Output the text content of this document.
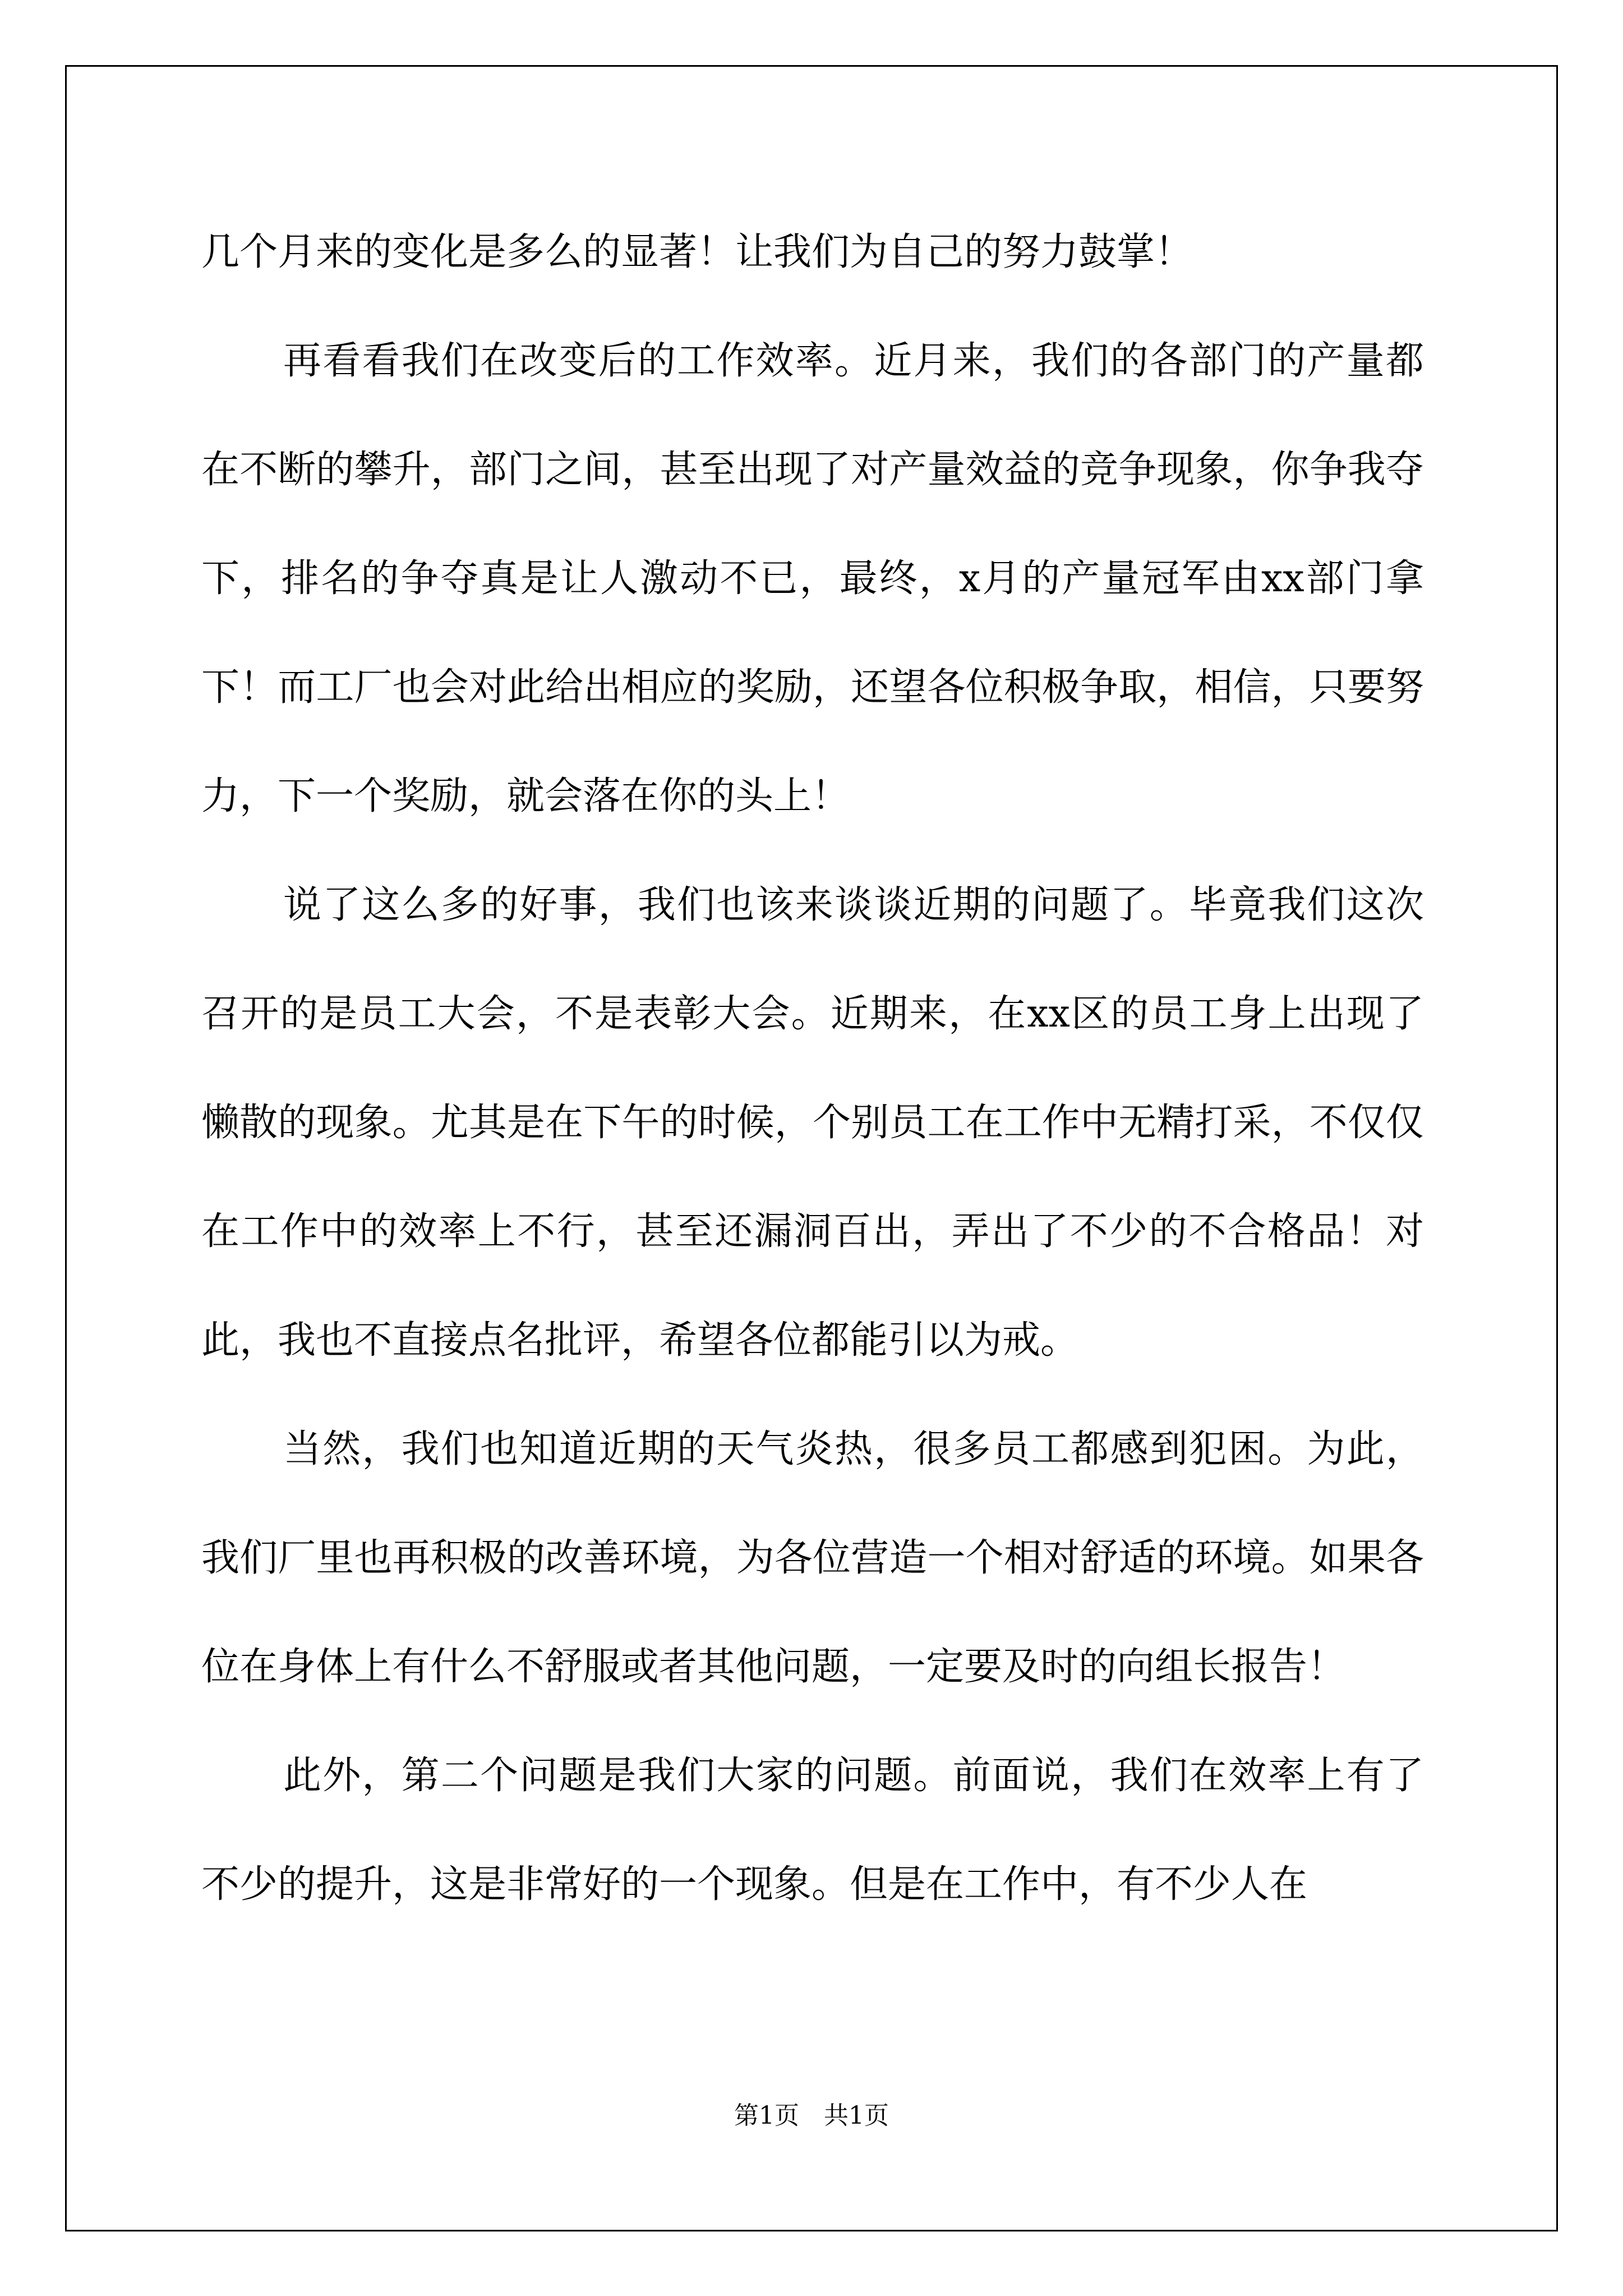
几个月来的变化是多么的显著！让我们为自己的努力鼓掌！

再看看我们在改变后的工作效率。近月来，我们的各部门的产量都在不断的攀升，部门之间，甚至出现了对产量效益的竞争现象，你争我夺下，排名的争夺真是让人激动不已，最终，x月的产量冠军由xx部门拿下！而工厂也会对此给出相应的奖励，还望各位积极争取，相信，只要努力，下一个奖励，就会落在你的头上！

说了这么多的好事，我们也该来谈谈近期的问题了。毕竟我们这次召开的是员工大会，不是表彰大会。近期来，在xx区的员工身上出现了懒散的现象。尤其是在下午的时候，个别员工在工作中无精打采，不仅仅在工作中的效率上不行，甚至还漏洞百出，弄出了不少的不合格品！对此，我也不直接点名批评，希望各位都能引以为戒。

当然，我们也知道近期的天气炎热，很多员工都感到犯困。为此，我们厂里也再积极的改善环境，为各位营造一个相对舒适的环境。如果各位在身体上有什么不舒服或者其他问题，一定要及时的向组长报告！

此外，第二个问题是我们大家的问题。前面说，我们在效率上有了不少的提升，这是非常好的一个现象。但是在工作中，有不少人在

第1页 共1页
